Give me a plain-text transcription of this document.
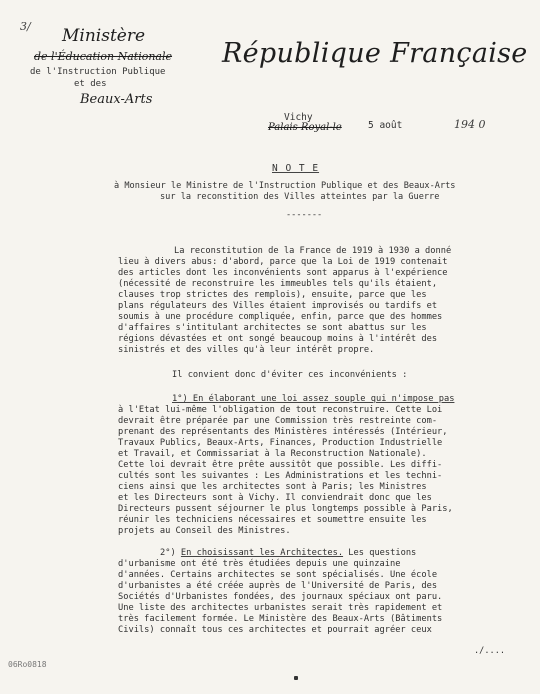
3/ Ministère
de l'Éducation Nationale
de l'Instruction Publique
et des
Beaux-Arts
République Française
Vichy
Palais Royal-le	5 août	194 0
N O T E
à Monsieur le Ministre de l'Instruction Publique et des Beaux-Arts
sur la reconstition des Villes atteintes par la Guerre
-------
La reconstitution de la France de 1919 à 1930 a donné
lieu à divers abus: d'abord, parce que la Loi de 1919 contenait
des articles dont les inconvénients sont apparus à l'expérience
(nécessité de reconstruire les immeubles tels qu'ils étaient,
clauses trop strictes des remplois), ensuite, parce que les
plans régulateurs des Villes étaient improvisés ou tardifs et
soumis à une procédure compliquée, enfin, parce que des hommes
d'affaires s'intitulant architectes se sont abattus sur les
régions dévastées et ont songé beaucoup moins à l'intérêt des
sinistrés et des villes qu'à leur intérêt propre.
Il convient donc d'éviter ces inconvénients :
1°) En élaborant une loi assez souple qui n'impose pas
à l'Etat lui-même l'obligation de tout reconstruire. Cette Loi
devrait être préparée par une Commission très restreinte com-
prenant des représentants des Ministères intéressés (Intérieur,
Travaux Publics, Beaux-Arts, Finances, Production Industrielle
et Travail, et Commissariat à la Reconstruction Nationale).
Cette loi devrait être prête aussitôt que possible. Les diffi-
cultés sont les suivantes : Les Administrations et les techni-
ciens ainsi que les architectes sont à Paris; les Ministres
et les Directeurs sont à Vichy. Il conviendrait donc que les
Directeurs pussent séjourner le plus longtemps possible à Paris,
réunir les techniciens nécessaires et soumettre ensuite les
projets au Conseil des Ministres.
2°) En choisissant les Architectes. Les questions
d'urbanisme ont été très étudiées depuis une quinzaine
d'années. Certains architectes se sont spécialisés. Une école
d'urbanistes a été créée auprès de l'Université de Paris, des
Sociétés d'Urbanistes fondées, des journaux spéciaux ont paru.
Une liste des architectes urbanistes serait très rapidement et
très facilement formée. Le Ministère des Beaux-Arts (Bâtiments
Civils) connaît tous ces architectes et pourrait agréer ceux
./....
06Ro0818
